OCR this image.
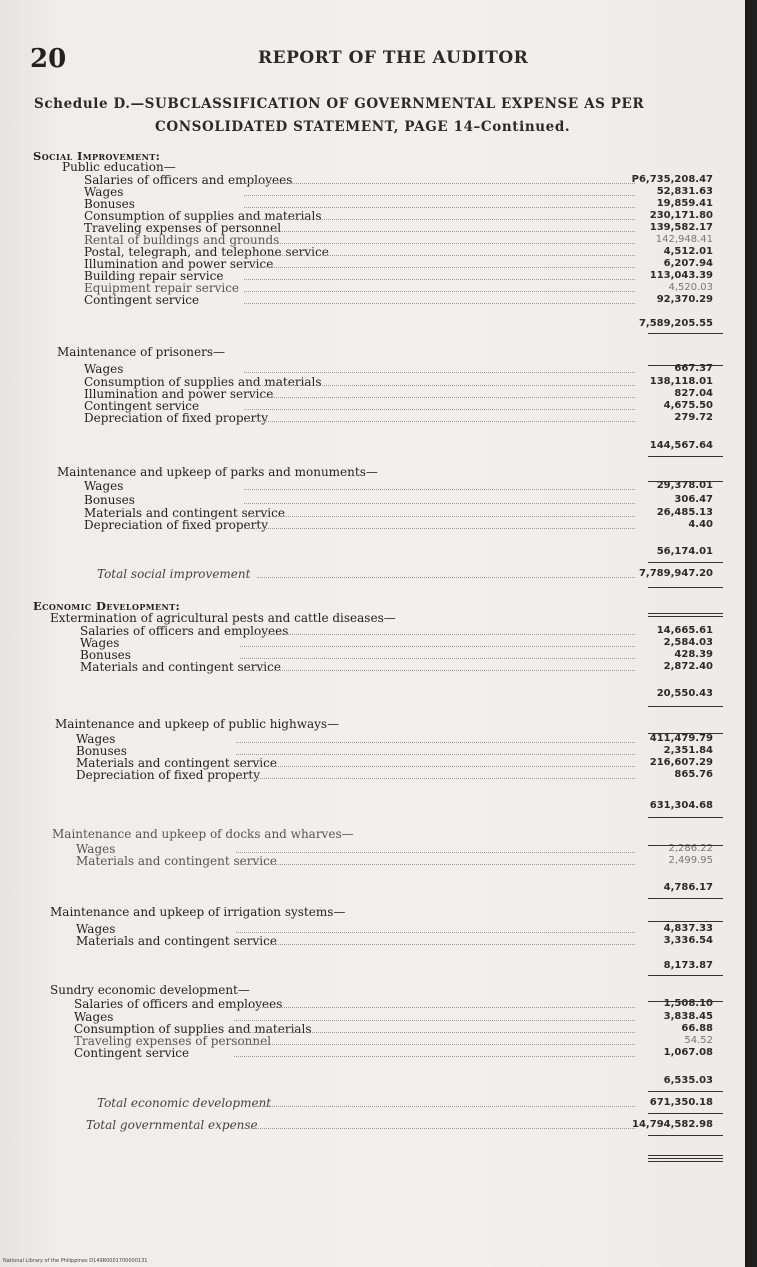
20	REPORT OF THE AUDITOR
Schedule D.—SUBCLASSIFICATION OF GOVERNMENTAL EXPENSE AS PER
CONSOLIDATED STATEMENT, PAGE 14–Continued.
Social Improvement:
Public education—
Salaries of officers and employees	P6,735,208.47
Wages	52,831.63
Bonuses	19,859.41
Consumption of supplies and materials	230,171.80
Traveling expenses of personnel	139,582.17
Rental of buildings and grounds	142,948.41
Postal, telegraph, and telephone service	4,512.01
Illumination and power service	6,207.94
Building repair service	113,043.39
Equipment repair service	4,520.03
Contingent service	92,370.29
7,589,205.55
Maintenance of prisoners—
Wages	667.37
Consumption of supplies and materials	138,118.01
Illumination and power service	827.04
Contingent service	4,675.50
Depreciation of fixed property	279.72
144,567.64
Maintenance and upkeep of parks and monuments—
Wages	29,378.01
Bonuses	306.47
Materials and contingent service	26,485.13
Depreciation of fixed property	4.40
56,174.01
Total social improvement	7,789,947.20
Economic Development:
Extermination of agricultural pests and cattle diseases—
Salaries of officers and employees	14,665.61
Wages	2,584.03
Bonuses	428.39
Materials and contingent service	2,872.40
20,550.43
Maintenance and upkeep of public highways—
Wages	411,479.79
Bonuses	2,351.84
Materials and contingent service	216,607.29
Depreciation of fixed property	865.76
631,304.68
Maintenance and upkeep of docks and wharves—
Wages	2,286.22
Materials and contingent service	2,499.95
4,786.17
Maintenance and upkeep of irrigation systems—
Wages	4,837.33
Materials and contingent service	3,336.54
8,173.87
Sundry economic development—
Salaries of officers and employees	1,508.10
Wages	3,838.45
Consumption of supplies and materials	66.88
Traveling expenses of personnel	54.52
Contingent service	1,067.08
6,535.03
Total economic development	671,350.18
Total governmental expense	14,794,582.98
National Library of the Philippines D149R0001700000131
